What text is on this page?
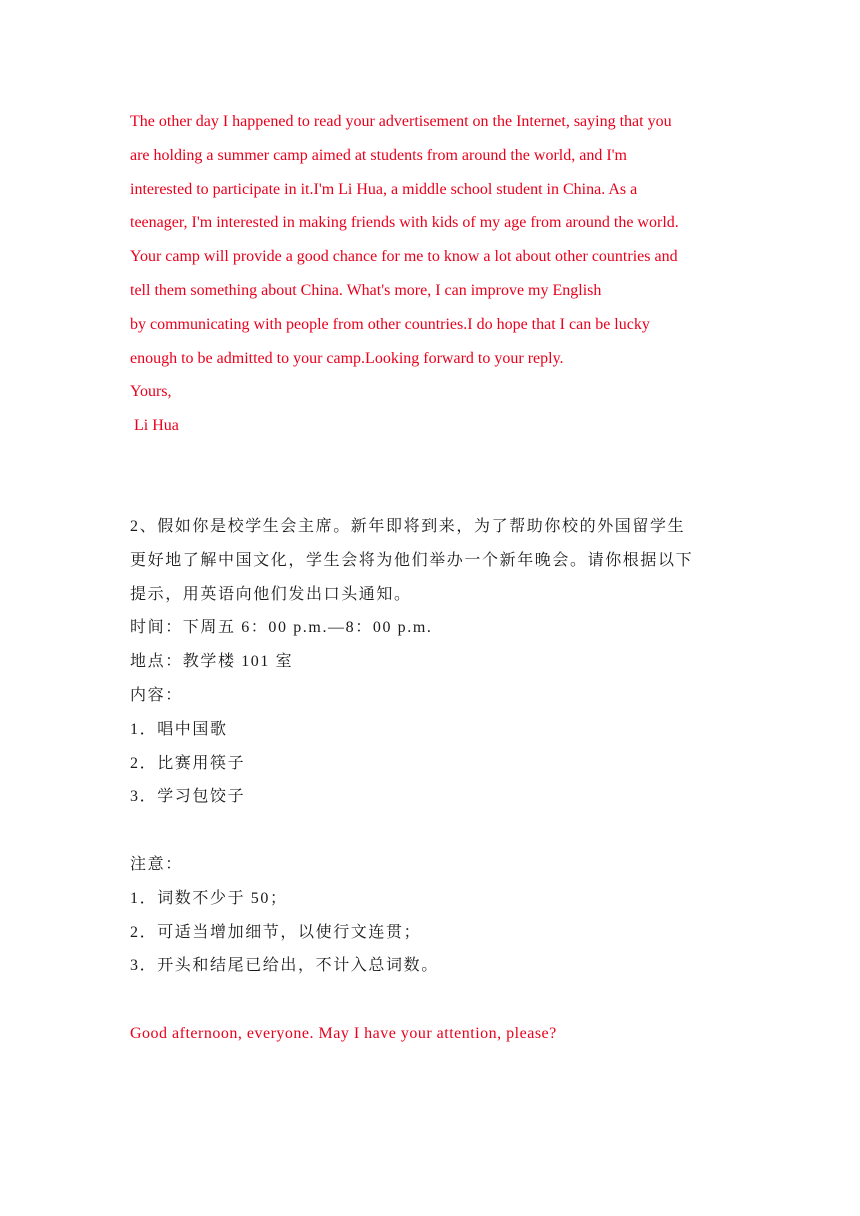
The other day I happened to read your advertisement on the Internet, saying that you
are holding a summer camp aimed at students from around the world, and I'm
interested to participate in it.I'm Li Hua, a middle school student in China. As a
teenager, I'm interested in making friends with kids of my age from around the world.
Your camp will provide a good chance for me to know a lot about other countries and
tell them something about China. What's more, I can improve my English
by communicating with people from other countries.I do hope that I can be lucky
enough to be admitted to your camp.Looking forward to your reply.
Yours,
Li Hua
2、假如你是校学生会主席。新年即将到来，为了帮助你校的外国留学生
更好地了解中国文化，学生会将为他们举办一个新年晚会。请你根据以下
提示，用英语向他们发出口头通知。
时间：下周五 6：00 p.m.—8：00 p.m.
地点：教学楼 101 室
内容：
1．唱中国歌
2．比赛用筷子
3．学习包饺子
注意：
1．词数不少于 50；
2．可适当增加细节，以使行文连贯；
3．开头和结尾已给出，不计入总词数。
Good afternoon, everyone. May I have your attention, please?
